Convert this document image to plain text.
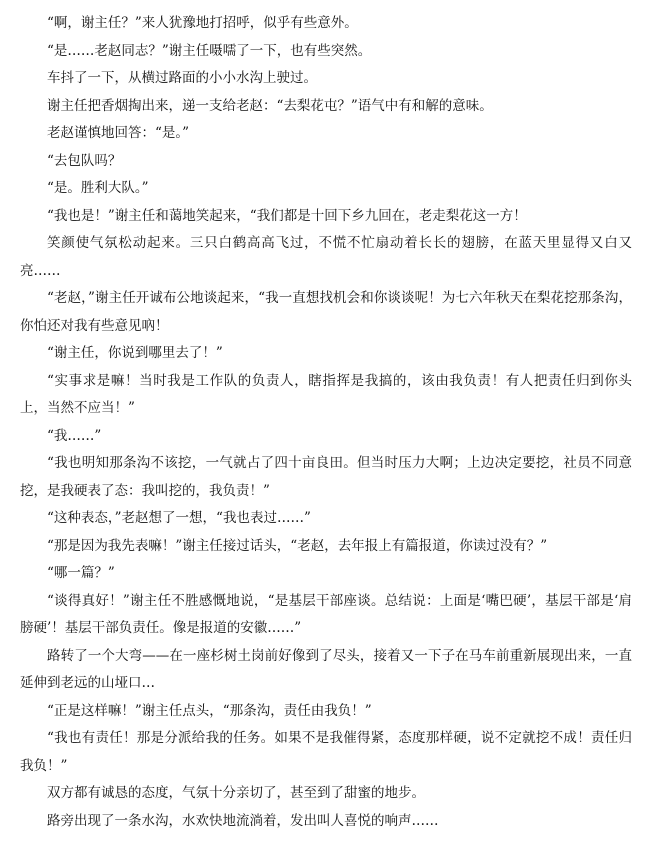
“啊，谢主任？”来人犹豫地打招呼，似乎有些意外。

“是……老赵同志？”谢主任嗫嚅了一下，也有些突然。

车抖了一下，从横过路面的小小水沟上驶过。

谢主任把香烟掏出来，递一支给老赵：“去梨花屯？”语气中有和解的意味。

老赵谨慎地回答：“是。”

“去包队吗？

“是。胜利大队。”

“我也是！”谢主任和蔼地笑起来，“我们都是十回下乡九回在，老走梨花这一方！

笑颜使气氛松动起来。三只白鹤高高飞过，不慌不忙扇动着长长的翅膀，在蓝天里显得又白又亮……

“老赵，”谢主任开诚布公地谈起来，“我一直想找机会和你谈谈呢！为七六年秋天在梨花挖那条沟，你怕还对我有些意见吶！

“谢主任，你说到哪里去了！”

“实事求是嘛！当时我是工作队的负责人，瞎指挥是我搞的，该由我负责！有人把责任归到你头上，当然不应当！”

“我……”

“我也明知那条沟不该挖，一气就占了四十亩良田。但当时压力大啊；上边决定要挖，社员不同意挖，是我硬表了态：我叫挖的，我负责！”

“这种表态，”老赵想了一想，“我也表过……”

“那是因为我先表嘛！”谢主任接过话头，“老赵，去年报上有篇报道，你读过没有？”

“哪一篇？”

“谈得真好！”谢主任不胜感慨地说，“是基层干部座谈。总结说：上面是‘嘴巴硬’，基层干部是‘肩膀硬’！基层干部负责任。像是报道的安徽……”

路转了一个大弯——在一座杉树土岗前好像到了尽头，接着又一下子在马车前重新展现出来，一直延伸到老远的山垭口…

“正是这样嘛！”谢主任点头，“那条沟，责任由我负！”

“我也有责任！那是分派给我的任务。如果不是我催得紧，态度那样硬，说不定就挖不成！责任归我负！”

双方都有诚恳的态度，气氛十分亲切了，甚至到了甜蜜的地步。

路旁出现了一条水沟，水欢快地流淌着，发出叫人喜悦的响声……
